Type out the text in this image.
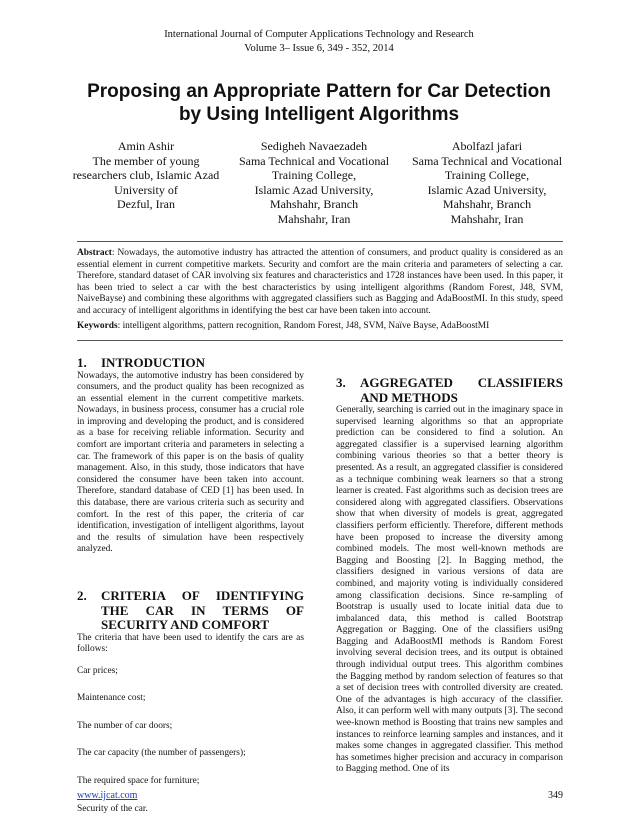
International Journal of Computer Applications Technology and Research
Volume 3– Issue 6, 349 - 352, 2014
Proposing an Appropriate Pattern for Car Detection
by Using Intelligent Algorithms
Amin Ashir
The member of young
researchers club, Islamic Azad
University of
Dezful, Iran
Sedigheh Navaezadeh
Sama Technical and Vocational
Training College,
Islamic Azad University,
Mahshahr, Branch
Mahshahr, Iran
Abolfazl jafari
Sama Technical and Vocational
Training College,
Islamic Azad University,
Mahshahr, Branch
Mahshahr, Iran
Abstract: Nowadays, the automotive industry has attracted the attention of consumers, and product quality is considered as an essential element in current competitive markets. Security and comfort are the main criteria and parameters of selecting a car. Therefore, standard dataset of CAR involving six features and characteristics and 1728 instances have been used. In this paper, it has been tried to select a car with the best characteristics by using intelligent algorithms (Random Forest, J48, SVM, NaiveBayse) and combining these algorithms with aggregated classifiers such as Bagging and AdaBoostMI. In this study, speed and accuracy of intelligent algorithms in identifying the best car have been taken into account.
Keywords: intelligent algorithms, pattern recognition, Random Forest, J48, SVM, Naïve Bayse, AdaBoostMI
1.	INTRODUCTION

Nowadays, the automotive industry has been considered by consumers, and the product quality has been recognized as an essential element in the current competitive markets. Nowadays, in business process, consumer has a crucial role in improving and developing the product, and is considered as a base for receiving reliable information. Security and comfort are important criteria and parameters in selecting a car. The framework of this paper is on the basis of quality management. Also, in this study, those indicators that have considered the consumer have been taken into account. Therefore, standard database of CED [1] has been used. In this database, there are various criteria such as security and comfort. In the rest of this paper, the criteria of car identification, investigation of intelligent algorithms, layout and the results of simulation have been respectively analyzed.

2.	CRITERIA OF IDENTIFYING THE CAR IN TERMS OF SECURITY AND COMFORT

The criteria that have been used to identify the cars are as follows:

Car prices;

Maintenance cost;

The number of car doors;

The car capacity (the number of passengers);

The required space for furniture;

Security of the car.

3.	AGGREGATED CLASSIFIERS AND METHODS

Generally, searching is carried out in the imaginary space in supervised learning algorithms so that an appropriate prediction can be considered to find a solution. An aggregated classifier is a supervised learning algorithm combining various theories so that a better theory is presented. As a result, an aggregated classifier is considered as a technique combining weak learners so that a strong learner is created. Fast algorithms such as decision trees are considered along with aggregated classifiers. Observations show that when diversity of models is great, aggregated classifiers perform efficiently. Therefore, different methods have been proposed to increase the diversity among combined models. The most well-known methods are Bagging and Boosting [2]. In Bagging method, the classifiers designed in various versions of data are combined, and majority voting is individually considered among classification decisions. Since re-sampling of Bootstrap is usually used to locate initial data due to imbalanced data, this method is called Bootstrap Aggregation or Bagging. One of the classifiers usi9ng Bagging and AdaBoostMI methods is Random Forest involving several decision trees, and its output is obtained through individual output trees. This algorithm combines the Bagging method by random selection of features so that a set of decision trees with controlled diversity are created. One of the advantages is high accuracy of the classifier. Also, it can perform well with many outputs [3]. The second wee-known method is Boosting that trains new samples and instances to reinforce learning samples and instances, and it makes some changes in aggregated classifier. This method has sometimes higher precision and accuracy in comparison to Bagging method. One of its

www.ijcat.com	349
